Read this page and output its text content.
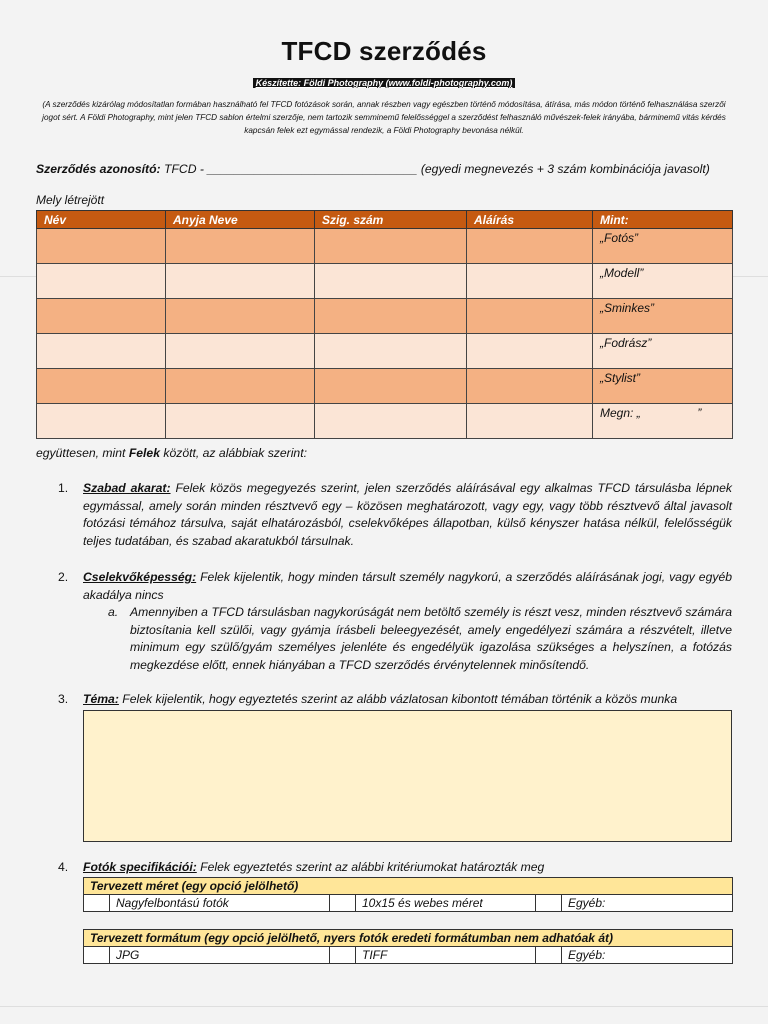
TFCD szerződés
Készítette: Földi Photography (www.foldi-photography.com)
(A szerződés kizárólag módosítatlan formában használható fel TFCD fotózások során, annak részben vagy egészben történő módosítása, átírása, más módon történő felhasználása szerzői jogot sért. A Földi Photography, mint jelen TFCD sablon értelmi szerzője, nem tartozik semminemű felelősséggel a szerződést felhasználó művészek-felek irányába, bárminemű vitás kérdés kapcsán felek ezt egymással rendezik, a Földi Photography bevonása nélkül.
Szerződés azonosító: TFCD - _______________________________ (egyedi megnevezés + 3 szám kombinációja javasolt)
Mely létrejött
Név	Anyja Neve	Szig. szám	Aláírás	Mint:
				„Fotós”
				„Modell”
				„Sminkes”
				„Fodrász”
				„Stylist”
				Megn: „                 ”
együttesen, mint Felek között, az alábbiak szerint:
1. Szabad akarat: Felek közös megegyezés szerint, jelen szerződés aláírásával egy alkalmas TFCD társulásba lépnek egymással, amely során minden résztvevő egy – közösen meghatározott, vagy egy, vagy több résztvevő által javasolt fotózási témához társulva, saját elhatározásból, cselekvőképes állapotban, külső kényszer hatása nélkül, felelősségük teljes tudatában, és szabad akaratukból társulnak.
2. Cselekvőképesség: Felek kijelentik, hogy minden társult személy nagykorú, a szerződés aláírásának jogi, vagy egyéb akadálya nincs
a. Amennyiben a TFCD társulásban nagykorúságát nem betöltő személy is részt vesz, minden résztvevő számára biztosítania kell szülői, vagy gyámja írásbeli beleegyezését, amely engedélyezi számára a részvételt, illetve minimum egy szülő/gyám személyes jelenléte és engedélyük igazolása szükséges a helyszínen, a fotózás megkezdése előtt, ennek hiányában a TFCD szerződés érvénytelennek minősítendő.
3. Téma: Felek kijelentik, hogy egyeztetés szerint az alább vázlatosan kibontott témában történik a közös munka
4. Fotók specifikációi: Felek egyeztetés szerint az alábbi kritériumokat határozták meg
Tervezett méret (egy opció jelölhető)
	Nagyfelbontású fotók		10x15 és webes méret		Egyéb:
Tervezett formátum (egy opció jelölhető, nyers fotók eredeti formátumban nem adhatóak át)
	JPG		TIFF		Egyéb:
